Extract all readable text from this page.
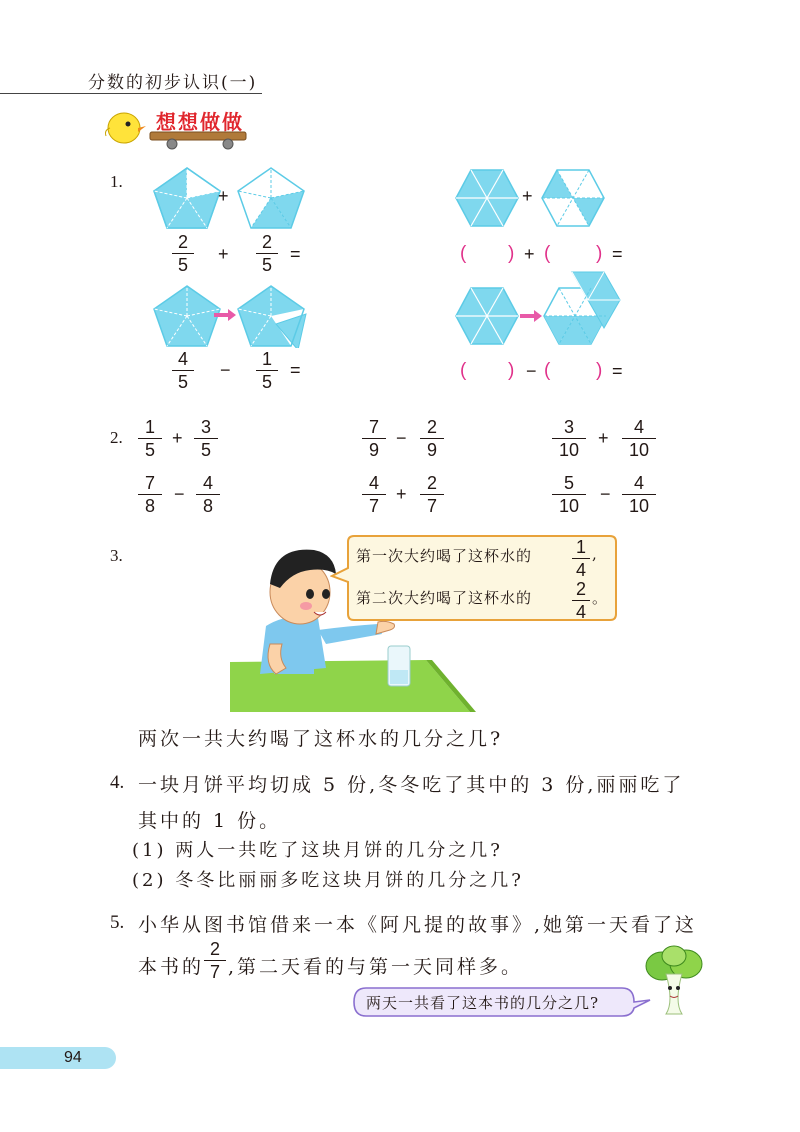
分数的初步认识(一)
想想做做
1.
+
2
5
+
2
5
=
4
5
−
1
5
=
+
( ) + ( ) =
( ) − ( ) =
2.
1
5
+
3
5
7
9
−
2
9
3
10
+
4
10
7
8
−
4
8
4
7
+
2
7
5
10
−
4
10
3.	第一次大约喝了这杯水的 1
4
,
第二次大约喝了这杯水的 2
4
。
两次一共大约喝了这杯水的几分之几?
4. 一块月饼平均切成 5 份,冬冬吃了其中的 3 份,丽丽吃了
其中的 1 份。
(1) 两人一共吃了这块月饼的几分之几?
(2) 冬冬比丽丽多吃这块月饼的几分之几?
5. 小华从图书馆借来一本《阿凡提的故事》,她第一天看了这
本书的
2
7 ,第二天看的与第一天同样多。
两天一共看了这本书的几分之几?
94
